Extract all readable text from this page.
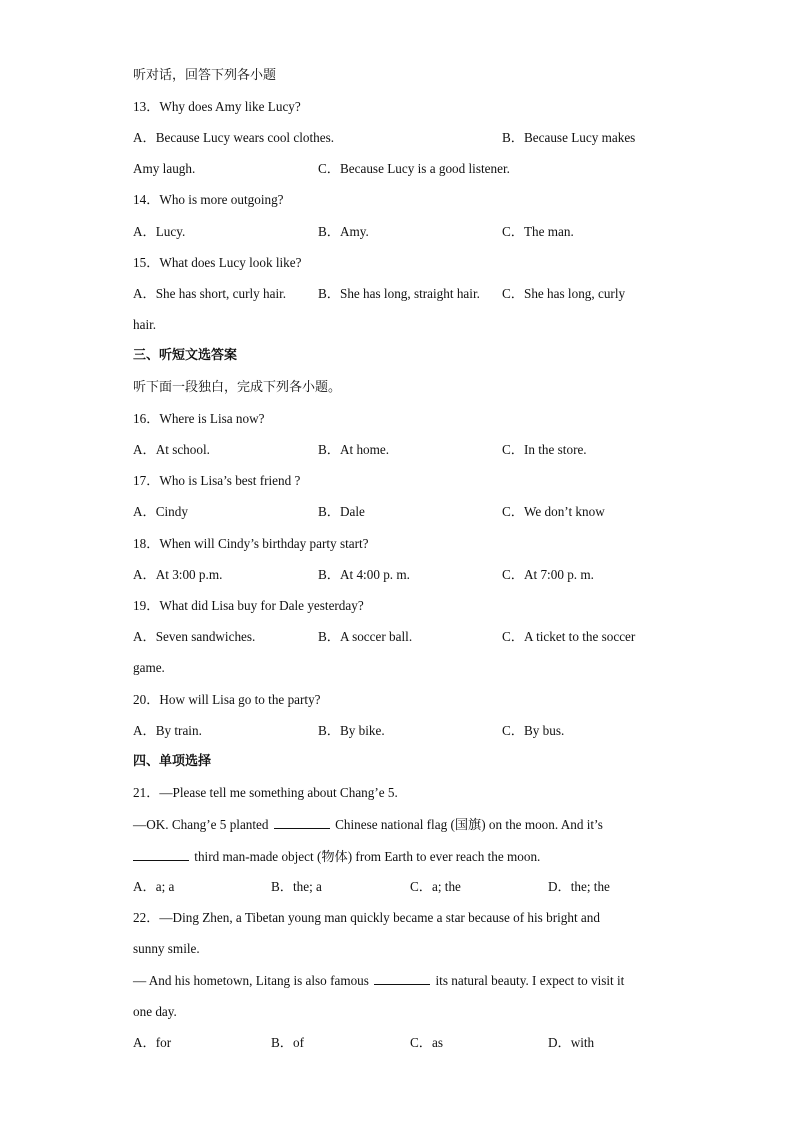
听对话，回答下列各小题
13．Why does Amy like Lucy?
A．Because Lucy wears cool clothes.	B．Because Lucy makes
Amy laugh.	C．Because Lucy is a good listener.
14．Who is more outgoing?
A．Lucy.	B．Amy.	C．The man.
15．What does Lucy look like?
A．She has short, curly hair. B．She has long, straight hair. C．She has long, curly
hair.
三、听短文选答案
听下面一段独白，完成下列各小题。
16．Where is Lisa now?
A．At school.	B．At home.	C．In the store.
17．Who is Lisa’s best friend ?
A．Cindy	B．Dale	C．We don’t know
18．When will Cindy’s birthday party start?
A．At 3:00 p.m.	B．At 4:00 p. m.	C．At 7:00 p. m.
19．What did Lisa buy for Dale yesterday?
A．Seven sandwiches.	B．A soccer ball.	C．A ticket to the soccer
game.
20．How will Lisa go to the party?
A．By train.	B．By bike.	C．By bus.
四、单项选择
21．—Please tell me something about Chang’e 5.
—OK. Chang’e 5 planted	Chinese national flag (国旗) on the moon. And it’s
third man-made object (物体) from Earth to ever reach the moon.
A．a; a	B．the; a	C．a; the	D．the; the
22．—Ding Zhen, a Tibetan young man quickly became a star because of his bright and
sunny smile.
— And his hometown, Litang is also famous	its natural beauty. I expect to visit it
one day.
A．for	B．of	C．as	D．with
